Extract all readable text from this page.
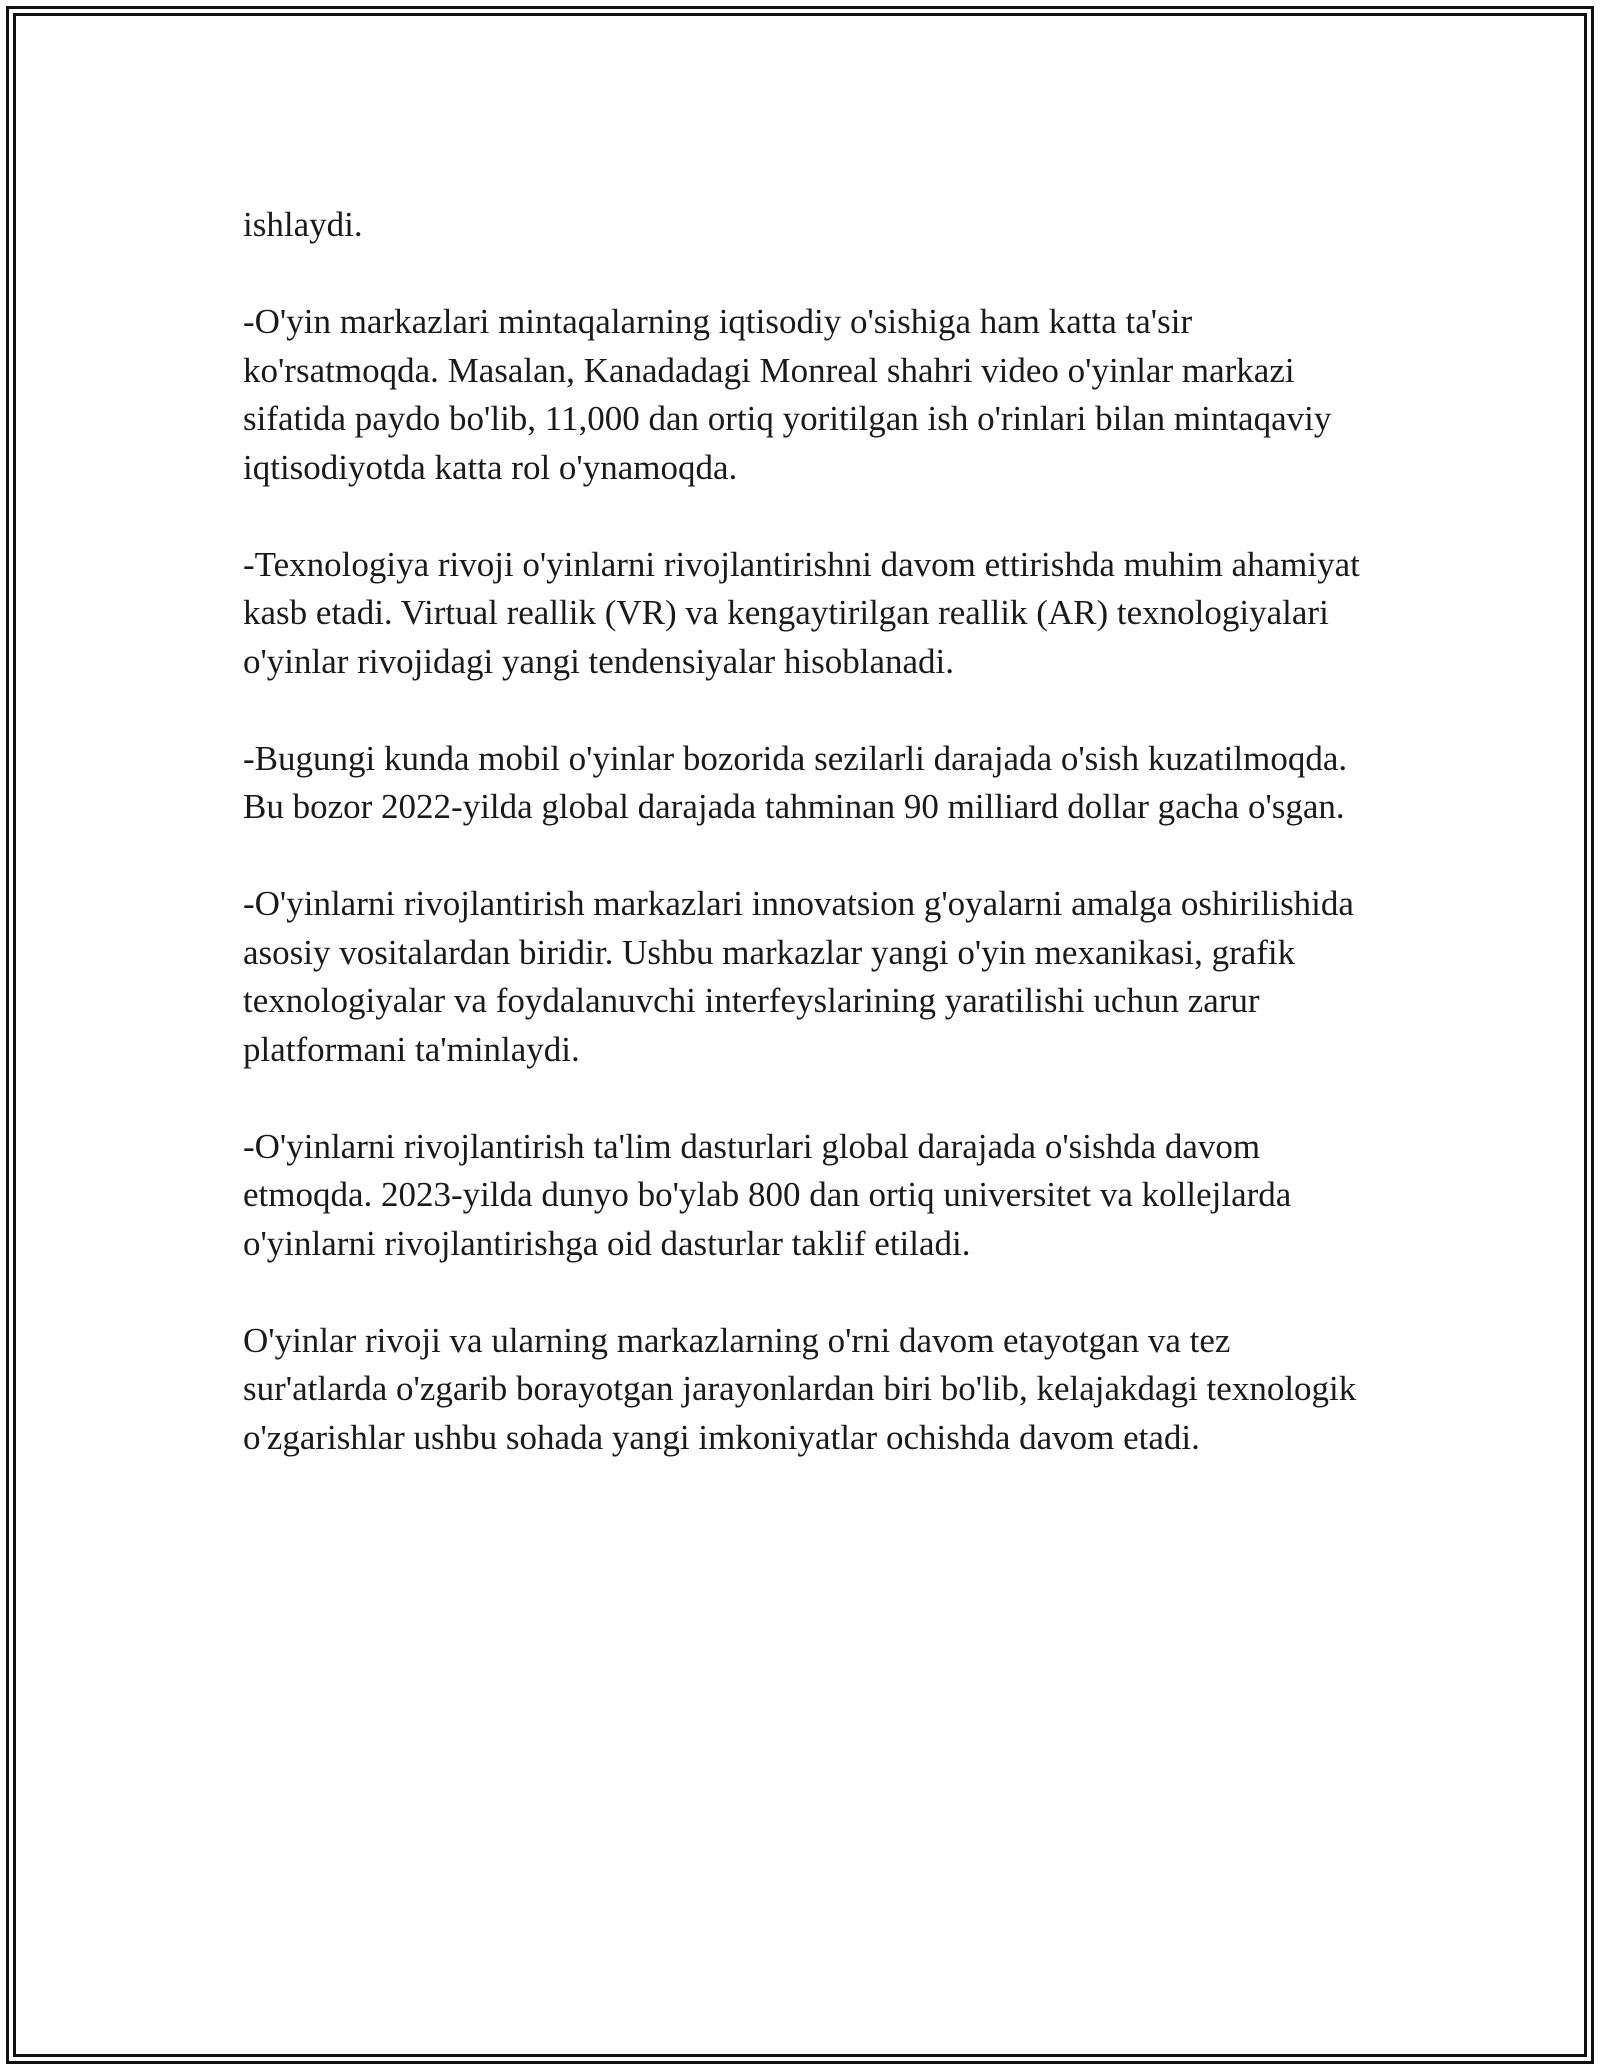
ishlaydi.

-O'yin markazlari mintaqalarning iqtisodiy o'sishiga ham katta ta'sir ko'rsatmoqda. Masalan, Kanadadagi Monreal shahri video o'yinlar markazi sifatida paydo bo'lib, 11,000 dan ortiq yoritilgan ish o'rinlari bilan mintaqaviy iqtisodiyotda katta rol o'ynamoqda.

-Texnologiya rivoji o'yinlarni rivojlantirishni davom ettirishda muhim ahamiyat kasb etadi. Virtual reallik (VR) va kengaytirilgan reallik (AR) texnologiyalari o'yinlar rivojidagi yangi tendensiyalar hisoblanadi.

-Bugungi kunda mobil o'yinlar bozorida sezilarli darajada o'sish kuzatilmoqda. Bu bozor 2022-yilda global darajada tahminan 90 milliard dollar gacha o'sgan.

-O'yinlarni rivojlantirish markazlari innovatsion g'oyalarni amalga oshirilishida asosiy vositalardan biridir. Ushbu markazlar yangi o'yin mexanikasi, grafik texnologiyalar va foydalanuvchi interfeyslarining yaratilishi uchun zarur platformani ta'minlaydi.

-O'yinlarni rivojlantirish ta'lim dasturlari global darajada o'sishda davom etmoqda. 2023-yilda dunyo bo'ylab 800 dan ortiq universitet va kollejlarda o'yinlarni rivojlantirishga oid dasturlar taklif etiladi.

O'yinlar rivoji va ularning markazlarning o'rni davom etayotgan va tez sur'atlarda o'zgarib borayotgan jarayonlardan biri bo'lib, kelajakdagi texnologik o'zgarishlar ushbu sohada yangi imkoniyatlar ochishda davom etadi.
